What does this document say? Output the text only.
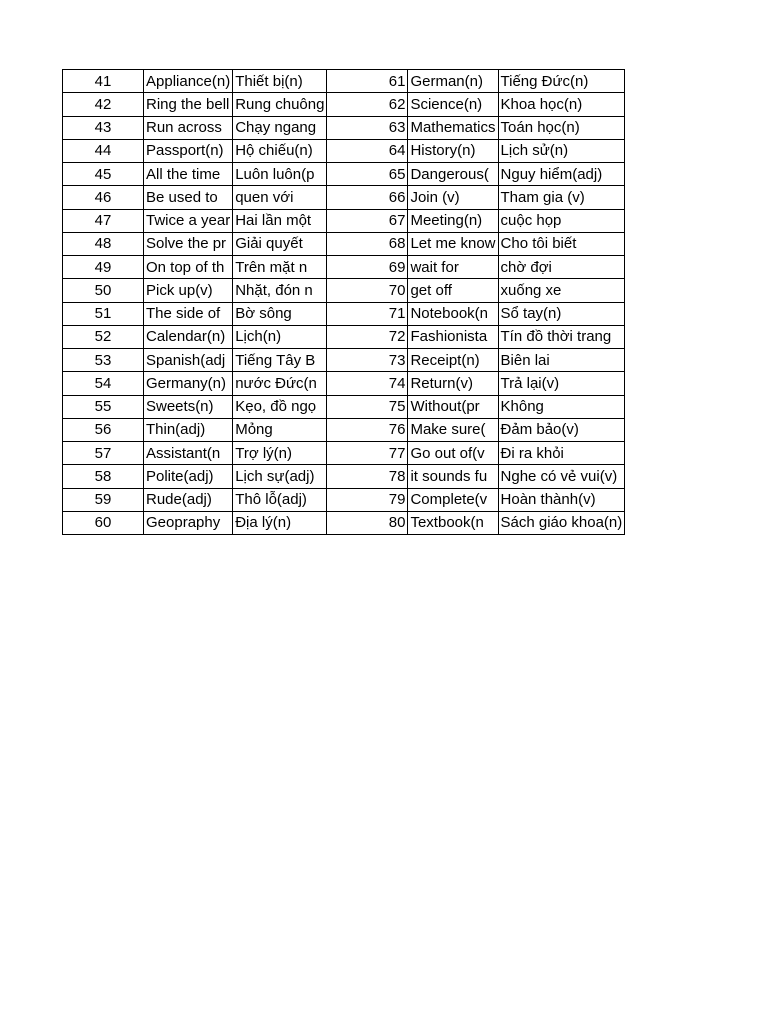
41	Appliance(n)	Thiết bị(n)	61	German(n)	Tiếng Đức(n)
42	Ring the bell	Rung chuông	62	Science(n)	Khoa học(n)
43	Run across	Chạy ngang	63	Mathematics	Toán học(n)
44	Passport(n)	Hộ chiếu(n)	64	History(n)	Lịch sử(n)
45	All the time	Luôn luôn(p	65	Dangerous(	Nguy hiểm(adj)
46	Be used to	quen với	66	Join (v)	Tham gia (v)
47	Twice a year	Hai lần một	67	Meeting(n)	cuộc họp
48	Solve the pr	Giải quyết	68	Let me know	Cho tôi biết
49	On top of th	Trên mặt n	69	wait for	chờ đợi
50	Pick up(v)	Nhặt, đón n	70	get off	xuống xe
51	The side of	Bờ sông	71	Notebook(n	Sổ tay(n)
52	Calendar(n)	Lịch(n)	72	Fashionista	Tín đồ thời trang
53	Spanish(adj	Tiếng Tây B	73	Receipt(n)	Biên lai
54	Germany(n)	nước Đức(n	74	Return(v)	Trả lại(v)
55	Sweets(n)	Kẹo, đồ ngọ	75	Without(pr	Không
56	Thin(adj)	Mỏng	76	Make sure(	Đảm bảo(v)
57	Assistant(n	Trợ lý(n)	77	Go out of(v	Đi ra khỏi
58	Polite(adj)	Lịch sự(adj)	78	it sounds fu	Nghe có vẻ vui(v)
59	Rude(adj)	Thô lỗ(adj)	79	Complete(v	Hoàn thành(v)
60	Geopraphy	Địa lý(n)	80	Textbook(n	Sách giáo khoa(n)
